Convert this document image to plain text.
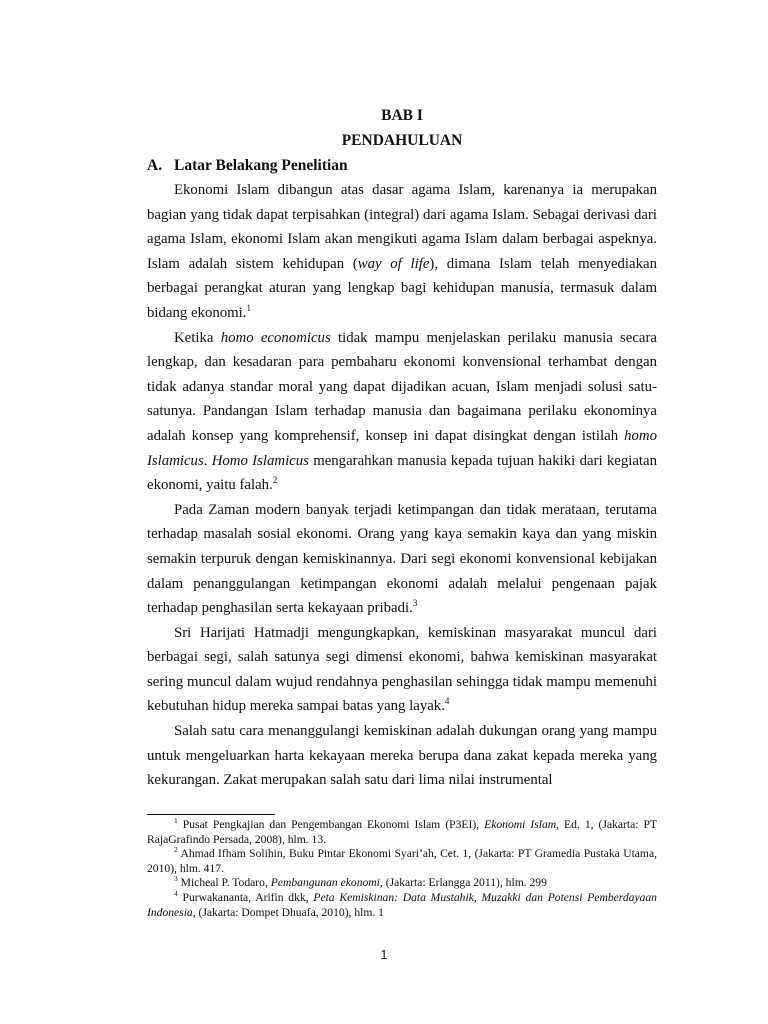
BAB I
PENDAHULUAN
A. Latar Belakang Penelitian

Ekonomi Islam dibangun atas dasar agama Islam, karenanya ia merupakan bagian yang tidak dapat terpisahkan (integral) dari agama Islam. Sebagai derivasi dari agama Islam, ekonomi Islam akan mengikuti agama Islam dalam berbagai aspeknya. Islam adalah sistem kehidupan (way of life), dimana Islam telah menyediakan berbagai perangkat aturan yang lengkap bagi kehidupan manusia, termasuk dalam bidang ekonomi.$^1$

Ketika homo economicus tidak mampu menjelaskan perilaku manusia secara lengkap, dan kesadaran para pembaharu ekonomi konvensional terhambat dengan tidak adanya standar moral yang dapat dijadikan acuan, Islam menjadi solusi satu-satunya. Pandangan Islam terhadap manusia dan bagaimana perilaku ekonominya adalah konsep yang komprehensif, konsep ini dapat disingkat dengan istilah homo Islamicus. Homo Islamicus mengarahkan manusia kepada tujuan hakiki dari kegiatan ekonomi, yaitu falah.$^2$

Pada Zaman modern banyak terjadi ketimpangan dan tidak merataan, terutama terhadap masalah sosial ekonomi. Orang yang kaya semakin kaya dan yang miskin semakin terpuruk dengan kemiskinannya. Dari segi ekonomi konvensional kebijakan dalam penanggulangan ketimpangan ekonomi adalah melalui pengenaan pajak terhadap penghasilan serta kekayaan pribadi.$^3$

Sri Harijati Hatmadji mengungkapkan, kemiskinan masyarakat muncul dari berbagai segi, salah satunya segi dimensi ekonomi, bahwa kemiskinan masyarakat sering muncul dalam wujud rendahnya penghasilan sehingga tidak mampu memenuhi kebutuhan hidup mereka sampai batas yang layak.$^4$

Salah satu cara menanggulangi kemiskinan adalah dukungan orang yang mampu untuk mengeluarkan harta kekayaan mereka berupa dana zakat kepada mereka yang kekurangan. Zakat merupakan salah satu dari lima nilai instrumental

$^1$ Pusat Pengkajian dan Pengembangan Ekonomi Islam (P3EI), Ekonomi Islam, Ed. 1, (Jakarta: PT RajaGrafindo Persada, 2008), hlm. 13.

$^2$ Ahmad Ifham Solihin, Buku Pintar Ekonomi Syari’ah, Cet. 1, (Jakarta: PT Gramedia Pustaka Utama, 2010), hlm. 417.

$^3$ Micheal P. Todaro, Pembangunan ekonomi, (Jakarta: Erlangga 2011), hlm. 299

$^4$ Purwakananta, Arifin dkk, Peta Kemiskinan: Data Mustahik, Muzakki dan Potensi Pemberdayaan Indonesia, (Jakarta: Dompet Dhuafa, 2010), hlm. 1

1
